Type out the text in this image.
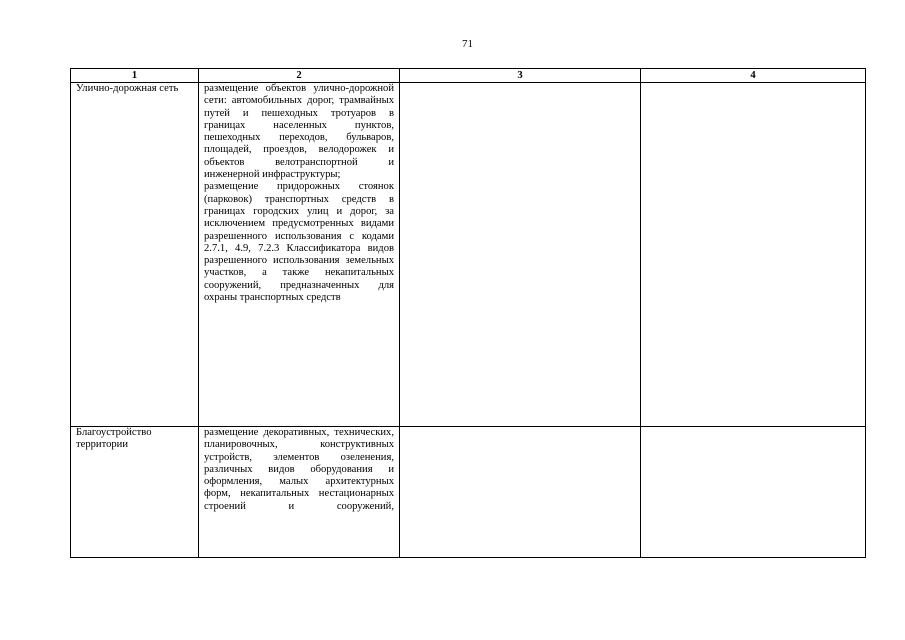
71
1	2	3	4
Улично-дорожная сеть	размещение объектов улично-дорожной сети: автомобильных дорог, трамвайных путей и пешеходных тротуаров в границах населенных пунктов, пешеходных переходов, бульваров, площадей, проездов, велодорожек и объектов велотранспортной и инженерной инфраструктуры;
размещение придорожных стоянок (парковок) транспортных средств в границах городских улиц и дорог, за исключением предусмотренных видами разрешенного использования с кодами 2.7.1, 4.9, 7.2.3 Классификатора видов разрешенного использования земельных участков, а также некапитальных сооружений, предназначенных для охраны транспортных средств		

Благоустройство территории	размещение декоративных, технических, планировочных, конструктивных устройств, элементов озеленения, различных видов оборудования и оформления, малых архитектурных форм, некапитальных нестационарных строений и сооружений,		
